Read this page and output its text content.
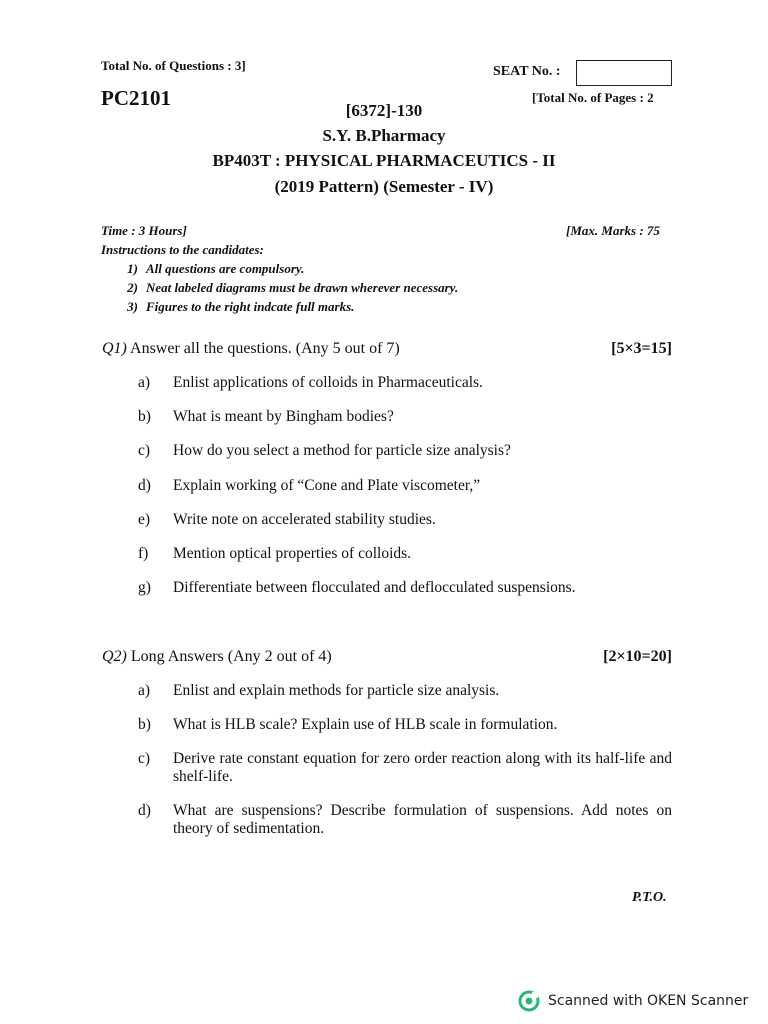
Total No. of Questions : 3]	SEAT No. :
PC2101	[Total No. of Pages : 2
[6372]-130
S.Y. B.Pharmacy
BP403T : PHYSICAL PHARMACEUTICS - II
(2019 Pattern) (Semester - IV)
Time : 3 Hours]	[Max. Marks : 75
Instructions to the candidates:
1) All questions are compulsory.
2) Neat labeled diagrams must be drawn wherever necessary.
3) Figures to the right indcate full marks.
Q1) Answer all the questions. (Any 5 out of 7)	[5×3=15]
a) Enlist applications of colloids in Pharmaceuticals.
b) What is meant by Bingham bodies?
c) How do you select a method for particle size analysis?
d) Explain working of “Cone and Plate viscometer,”
e) Write note on accelerated stability studies.
f) Mention optical properties of colloids.
g) Differentiate between flocculated and deflocculated suspensions.
Q2) Long Answers (Any 2 out of 4)	[2×10=20]
a) Enlist and explain methods for particle size analysis.
b) What is HLB scale? Explain use of HLB scale in formulation.
c) Derive rate constant equation for zero order reaction along with its half-life and shelf-life.
d) What are suspensions? Describe formulation of suspensions. Add notes on theory of sedimentation.
P.T.O.
Scanned with OKEN Scanner
